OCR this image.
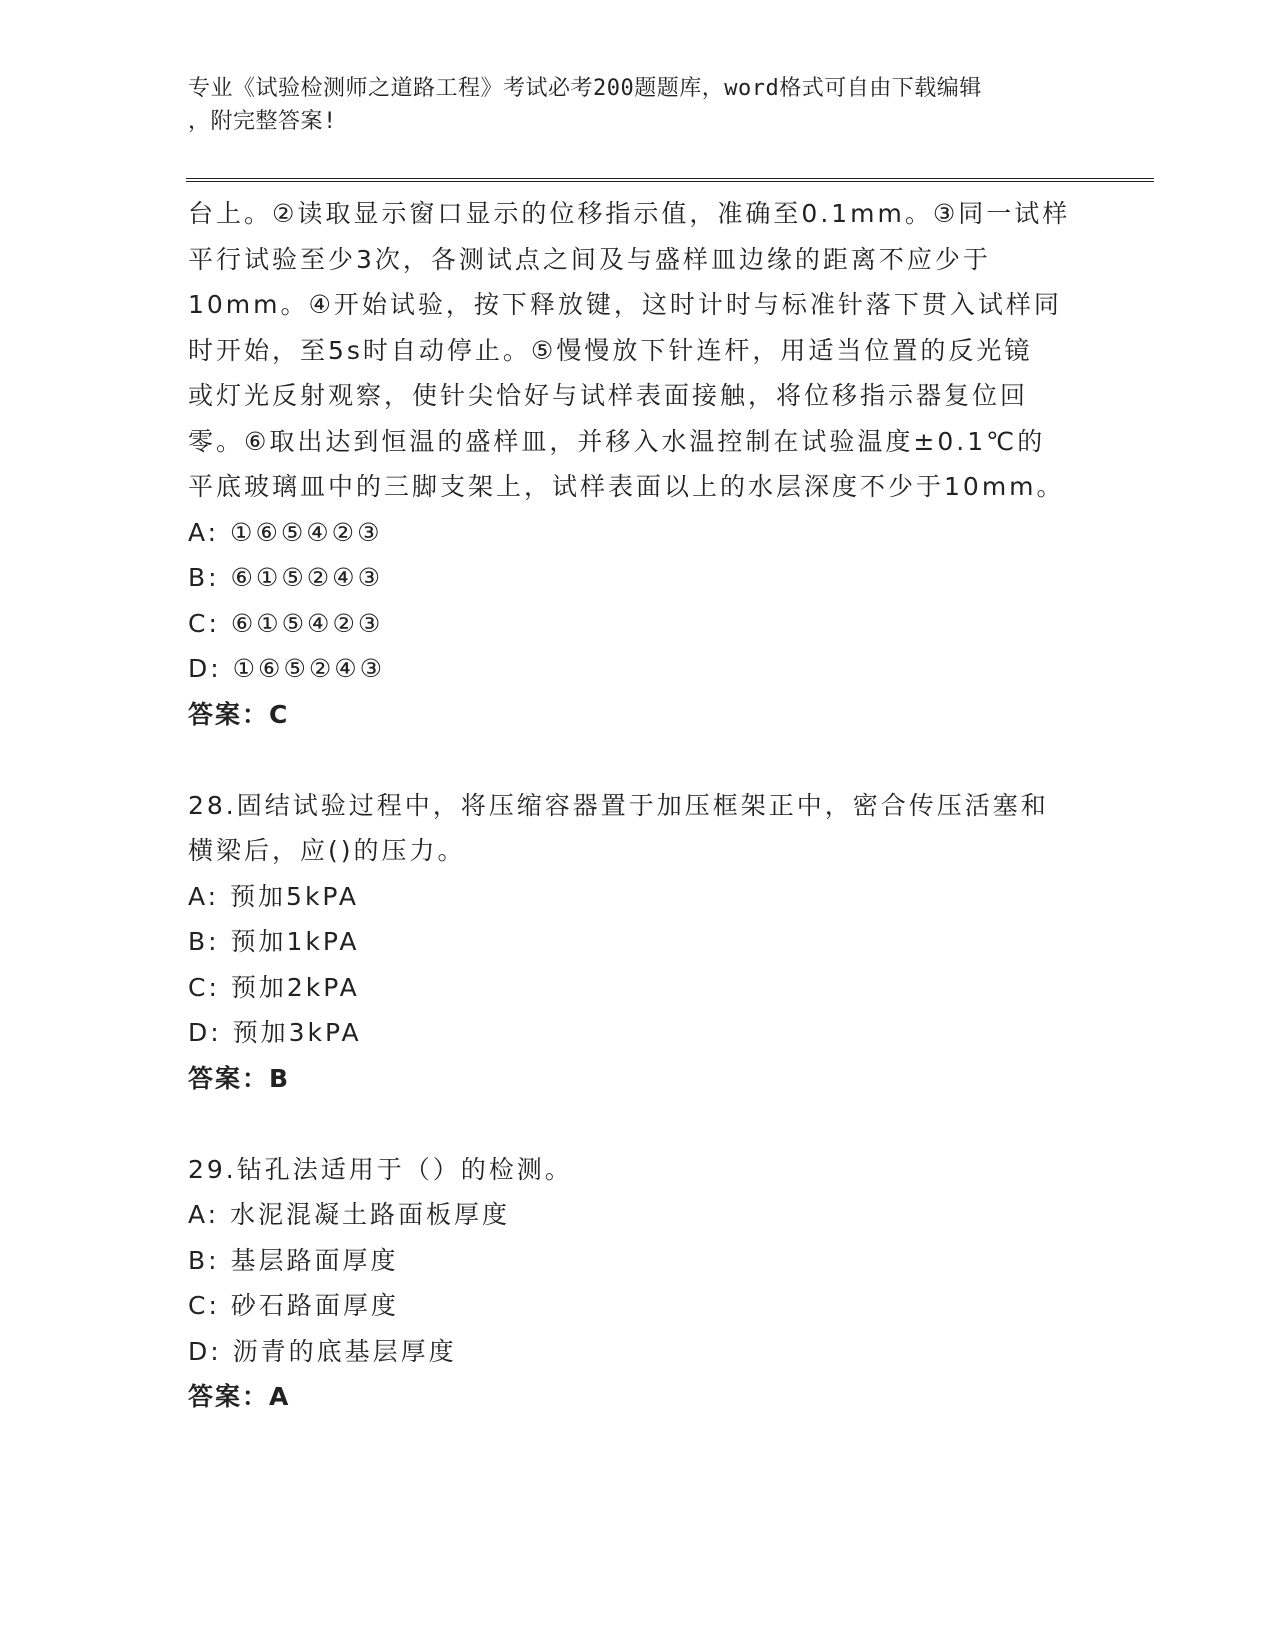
专业《试验检测师之道路工程》考试必考200题题库，word格式可自由下载编辑
，附完整答案!
台上。②读取显示窗口显示的位移指示值，准确至0.1mm。③同一试样
平行试验至少3次，各测试点之间及与盛样皿边缘的距离不应少于
10mm。④开始试验，按下释放键，这时计时与标准针落下贯入试样同
时开始，至5s时自动停止。⑤慢慢放下针连杆，用适当位置的反光镜
或灯光反射观察，使针尖恰好与试样表面接触，将位移指示器复位回
零。⑥取出达到恒温的盛样皿，并移入水温控制在试验温度±0.1℃的
平底玻璃皿中的三脚支架上，试样表面以上的水层深度不少于10mm。
A: ①⑥⑤④②③
B: ⑥①⑤②④③
C: ⑥①⑤④②③
D: ①⑥⑤②④③
答案：C
28.固结试验过程中，将压缩容器置于加压框架正中，密合传压活塞和
横梁后，应()的压力。
A: 预加5kPA
B: 预加1kPA
C: 预加2kPA
D: 预加3kPA
答案：B
29.钻孔法适用于（）的检测。
A: 水泥混凝土路面板厚度
B: 基层路面厚度
C: 砂石路面厚度
D: 沥青的底基层厚度
答案：A
